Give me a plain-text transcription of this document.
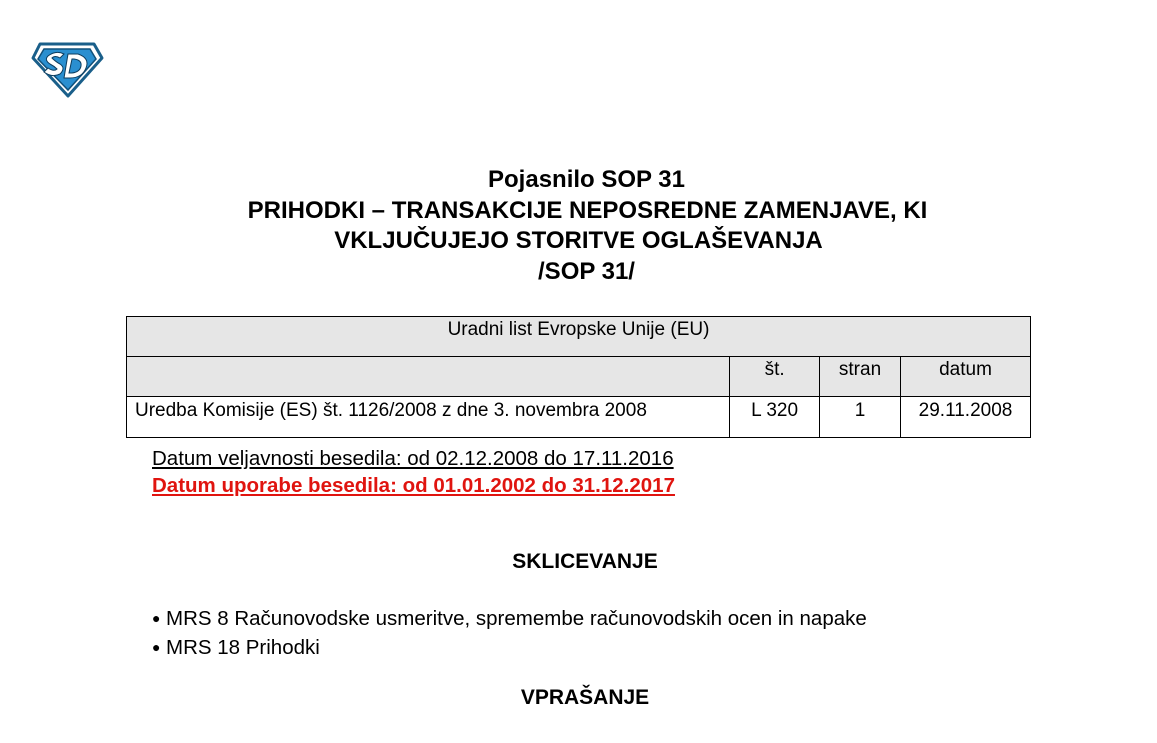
Pojasnilo SOP 31
PRIHODKI – TRANSAKCIJE NEPOSREDNE ZAMENJAVE, KI
VKLJUČUJEJO STORITVE OGLAŠEVANJA
/SOP 31/
Uradni list Evropske Unije (EU)			
	št.	stran	datum
Uredba Komisije (ES) št. 1126/2008 z dne 3. novembra 2008	L 320	1	29.11.2008
Datum veljavnosti besedila: od 02.12.2008 do 17.11.2016
Datum uporabe besedila: od 01.01.2002 do 31.12.2017
SKLICEVANJE
● MRS 8 Računovodske usmeritve, spremembe računovodskih ocen in napake
● MRS 18 Prihodki
VPRAŠANJE
